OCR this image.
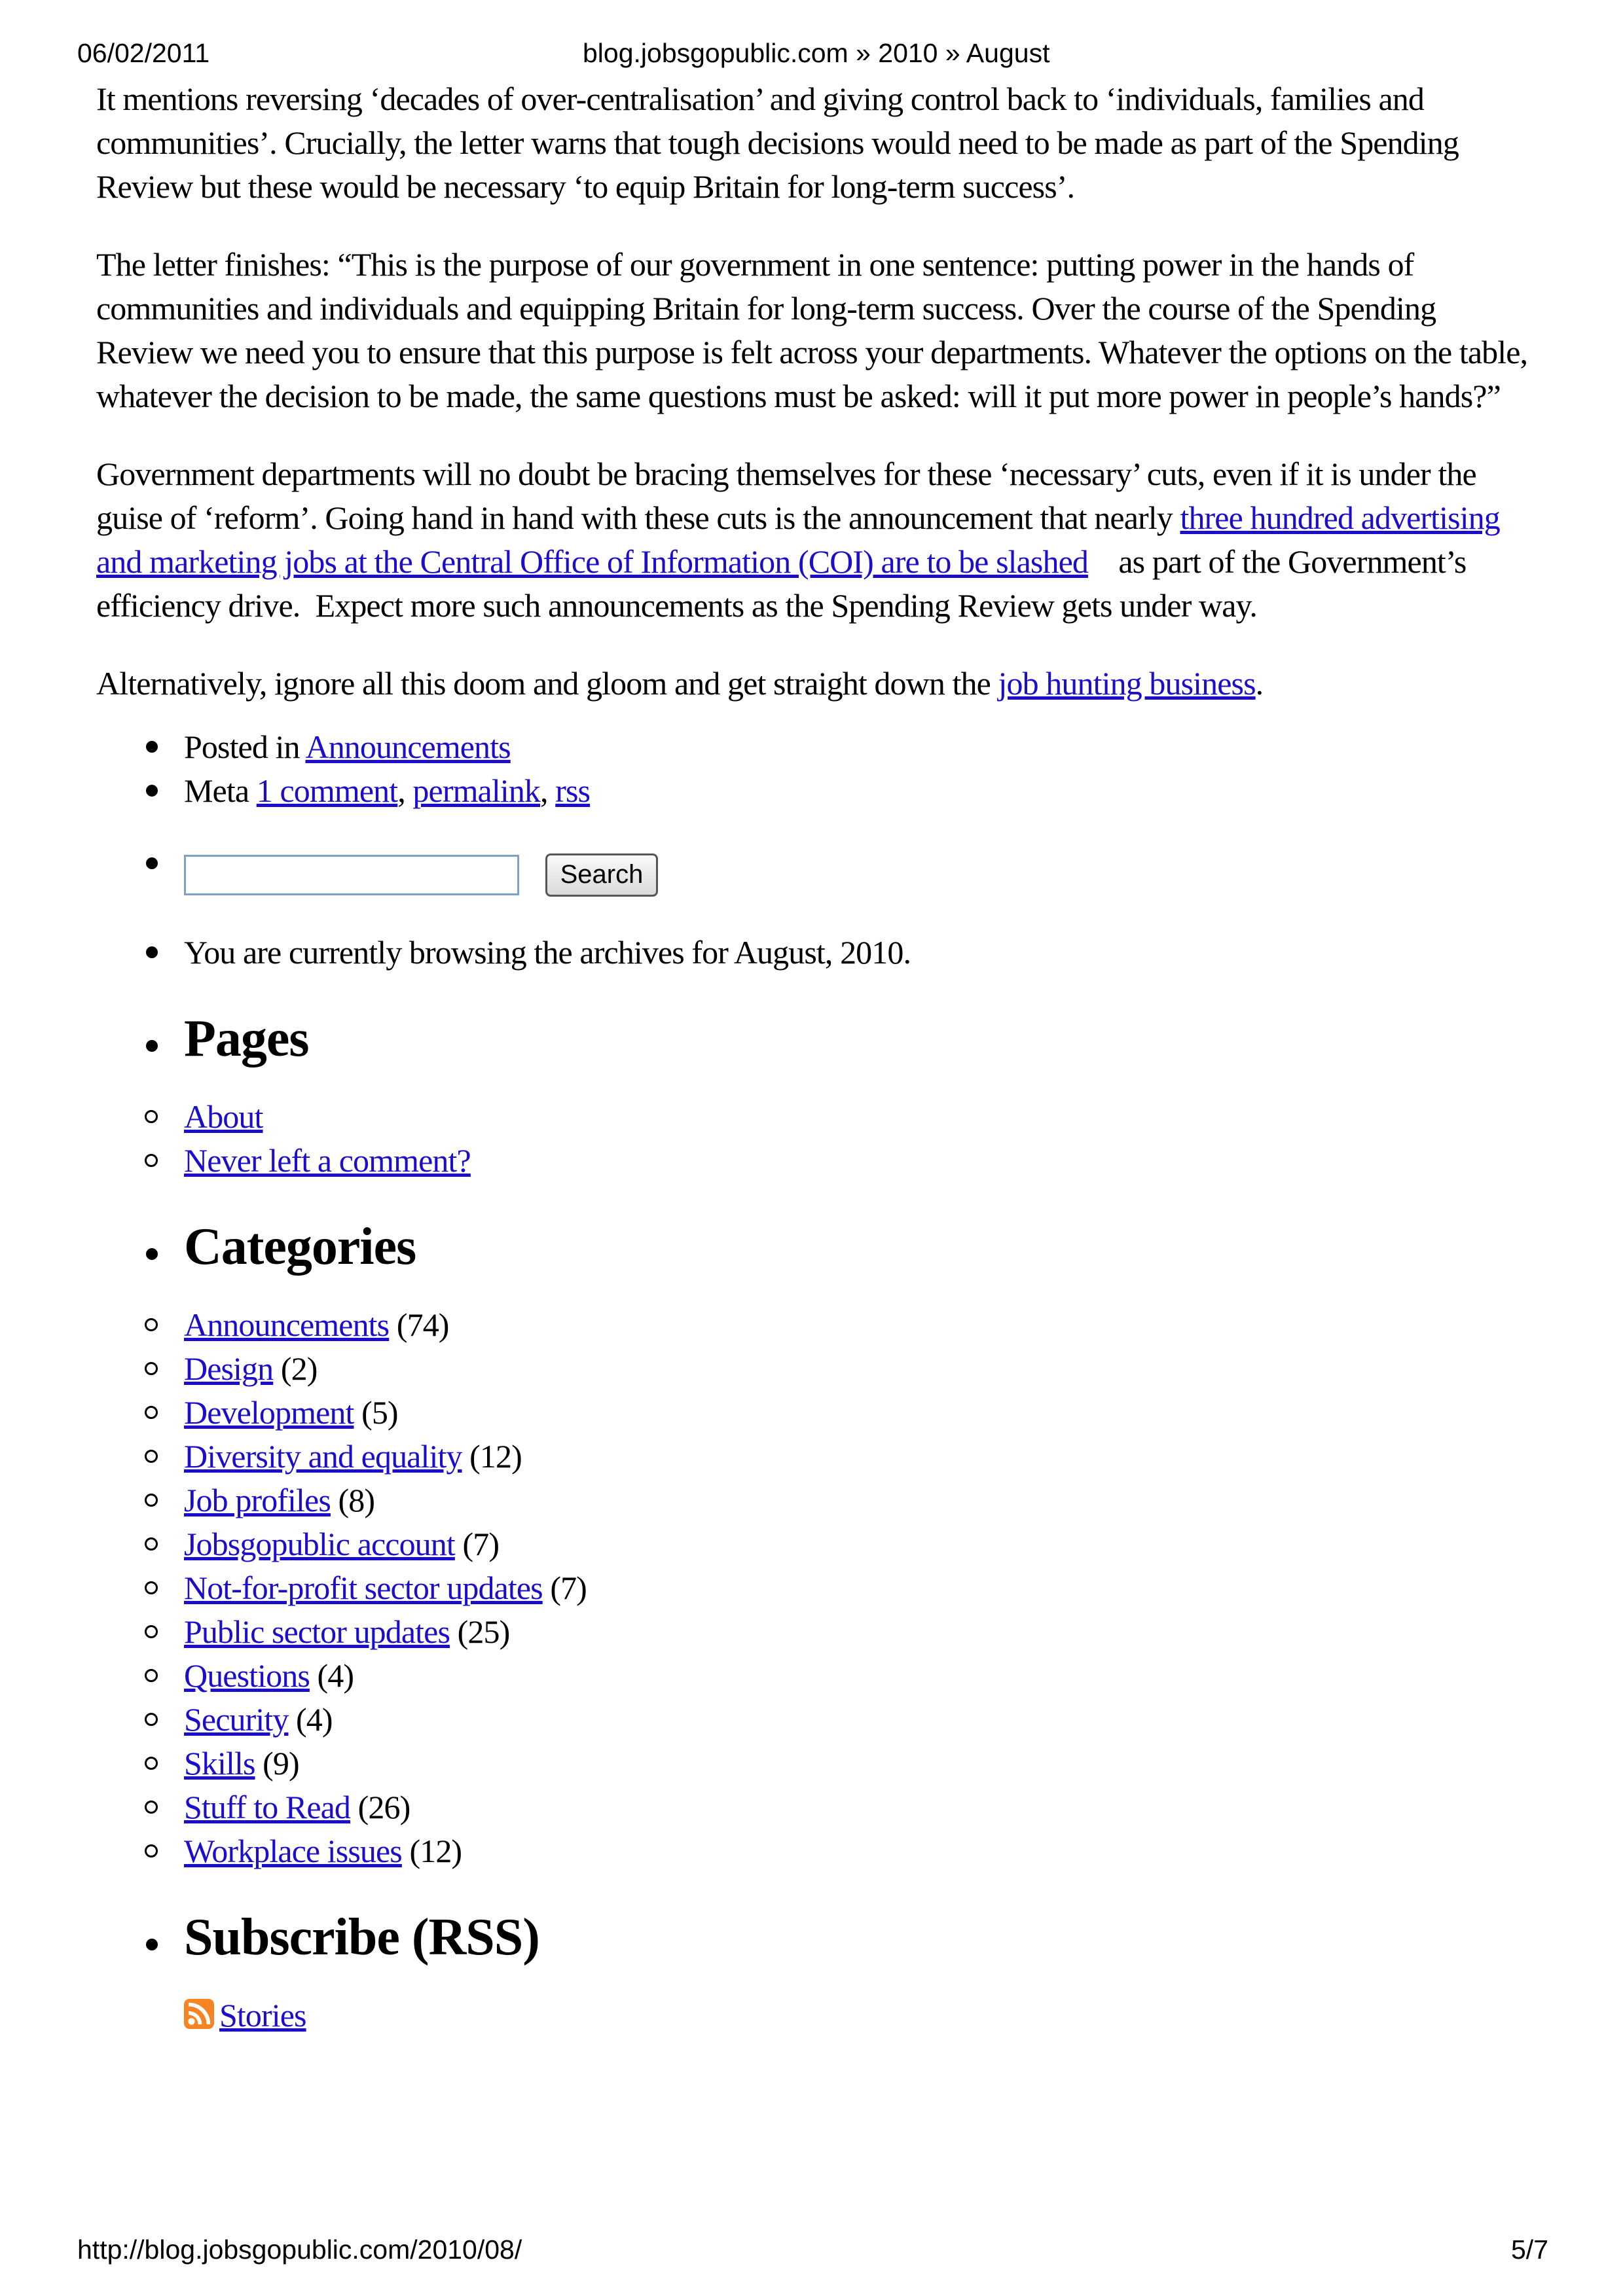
06/02/2011	blog.jobsgopublic.com » 2010 » August

It mentions reversing ‘decades of over-centralisation’ and giving control back to ‘individuals, families and communities’. Crucially, the letter warns that tough decisions would need to be made as part of the Spending Review but these would be necessary ‘to equip Britain for long-term success’.

The letter finishes: “This is the purpose of our government in one sentence: putting power in the hands of communities and individuals and equipping Britain for long-term success. Over the course of the Spending Review we need you to ensure that this purpose is felt across your departments. Whatever the options on the table, whatever the decision to be made, the same questions must be asked: will it put more power in people’s hands?”

Government departments will no doubt be bracing themselves for these ‘necessary’ cuts, even if it is under the guise of ‘reform’. Going hand in hand with these cuts is the announcement that nearly three hundred advertising and marketing jobs at the Central Office of Information (COI) are to be slashed    as part of the Government’s efficiency drive.  Expect more such announcements as the Spending Review gets under way.

Alternatively, ignore all this doom and gloom and get straight down the job hunting business.

Posted in Announcements
Meta 1 comment, permalink, rss
Search
You are currently browsing the archives for August, 2010.
Pages
About
Never left a comment?
Categories
Announcements (74)
Design (2)
Development (5)
Diversity and equality (12)
Job profiles (8)
Jobsgopublic account (7)
Not-for-profit sector updates (7)
Public sector updates (25)
Questions (4)
Security (4)
Skills (9)
Stuff to Read (26)
Workplace issues (12)
Subscribe (RSS)
Stories
http://blog.jobsgopublic.com/2010/08/	5/7
